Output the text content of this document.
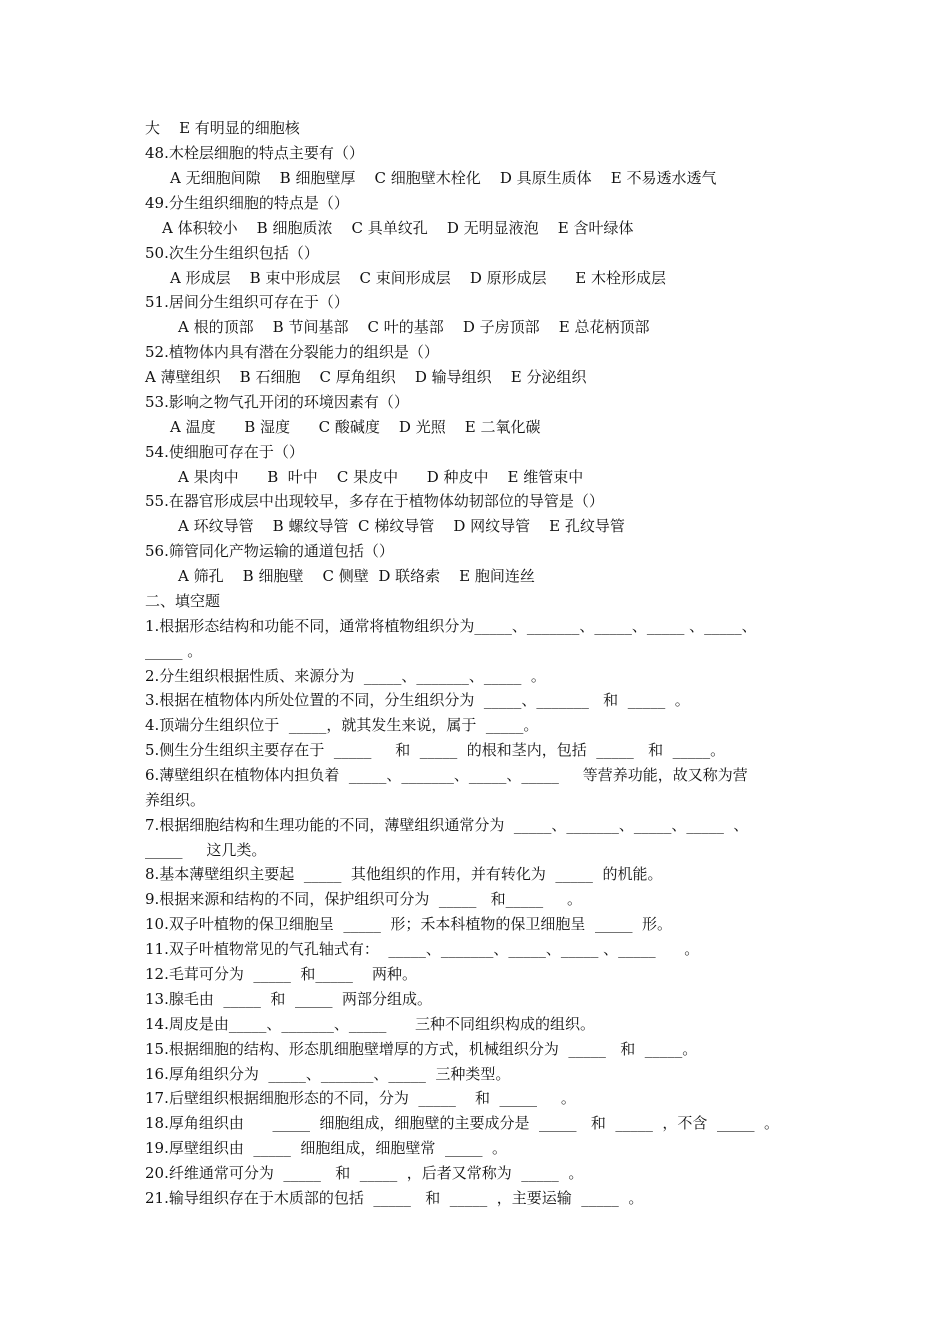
大    E 有明显的细胞核
48.木栓层细胞的特点主要有（）
A 无细胞间隙    B 细胞壁厚    C 细胞壁木栓化    D 具原生质体    E 不易透水透气
49.分生组织细胞的特点是（）
A 体积较小    B 细胞质浓    C 具单纹孔    D 无明显液泡    E 含叶绿体
50.次生分生组织包括（）
A 形成层    B 束中形成层    C 束间形成层    D 原形成层      E 木栓形成层
51.居间分生组织可存在于（）
A 根的顶部    B 节间基部    C 叶的基部    D 子房顶部    E 总花柄顶部
52.植物体内具有潜在分裂能力的组织是（）
A 薄壁组织    B 石细胞    C 厚角组织    D 输导组织    E 分泌组织
53.影响之物气孔开闭的环境因素有（）
A 温度      B 湿度      C 酸碱度    D 光照    E 二氧化碳
54.使细胞可存在于（）
A 果肉中      B  叶中    C 果皮中      D 种皮中    E 维管束中
55.在器官形成层中出现较早，多存在于植物体幼韧部位的导管是（）
A 环纹导管    B 螺纹导管  C 梯纹导管    D 网纹导管    E 孔纹导管
56.筛管同化产物运输的通道包括（）
A 筛孔    B 细胞壁    C 侧壁  D 联络索    E 胞间连丝
二、填空题
1.根据形态结构和功能不同，通常将植物组织分为_____、_______、_____、_____ 、_____、
_____ 。
2.分生组织根据性质、来源分为  _____、_______、_____  。
3.根据在植物体内所处位置的不同，分生组织分为  _____、_______   和  _____  。
4.顶端分生组织位于  _____，就其发生来说，属于  _____。
5.侧生分生组织主要存在于  _____     和  _____  的根和茎内，包括  _____   和  _____。
6.薄壁组织在植物体内担负着  _____、_______、_____、_____     等营养功能，故又称为营
养组织。
7.根据细胞结构和生理功能的不同，薄壁组织通常分为  _____、_______、_____、_____  、
_____     这几类。
8.基本薄壁组织主要起  _____  其他组织的作用，并有转化为  _____  的机能。
9.根据来源和结构的不同，保护组织可分为  _____   和_____     。
10.双子叶植物的保卫细胞呈  _____  形；禾本科植物的保卫细胞呈  _____  形。
11.双子叶植物常见的气孔轴式有：  _____、_______、_____、_____ 、_____      。
12.毛茸可分为  _____  和_____    两种。
13.腺毛由  _____  和  _____  两部分组成。
14.周皮是由_____、_______、_____      三种不同组织构成的组织。
15.根据细胞的结构、形态肌细胞壁增厚的方式，机械组织分为  _____   和  _____。
16.厚角组织分为  _____、_______、_____  三种类型。
17.后壁组织根据细胞形态的不同，分为  _____    和  _____     。
18.厚角组织由      _____  细胞组成，细胞壁的主要成分是  _____   和  _____  ，不含  _____  。
19.厚壁组织由  _____  细胞组成，细胞壁常  _____  。
20.纤维通常可分为  _____   和  _____  ，后者又常称为  _____  。
21.输导组织存在于木质部的包括  _____   和  _____  ，主要运输  _____  。
